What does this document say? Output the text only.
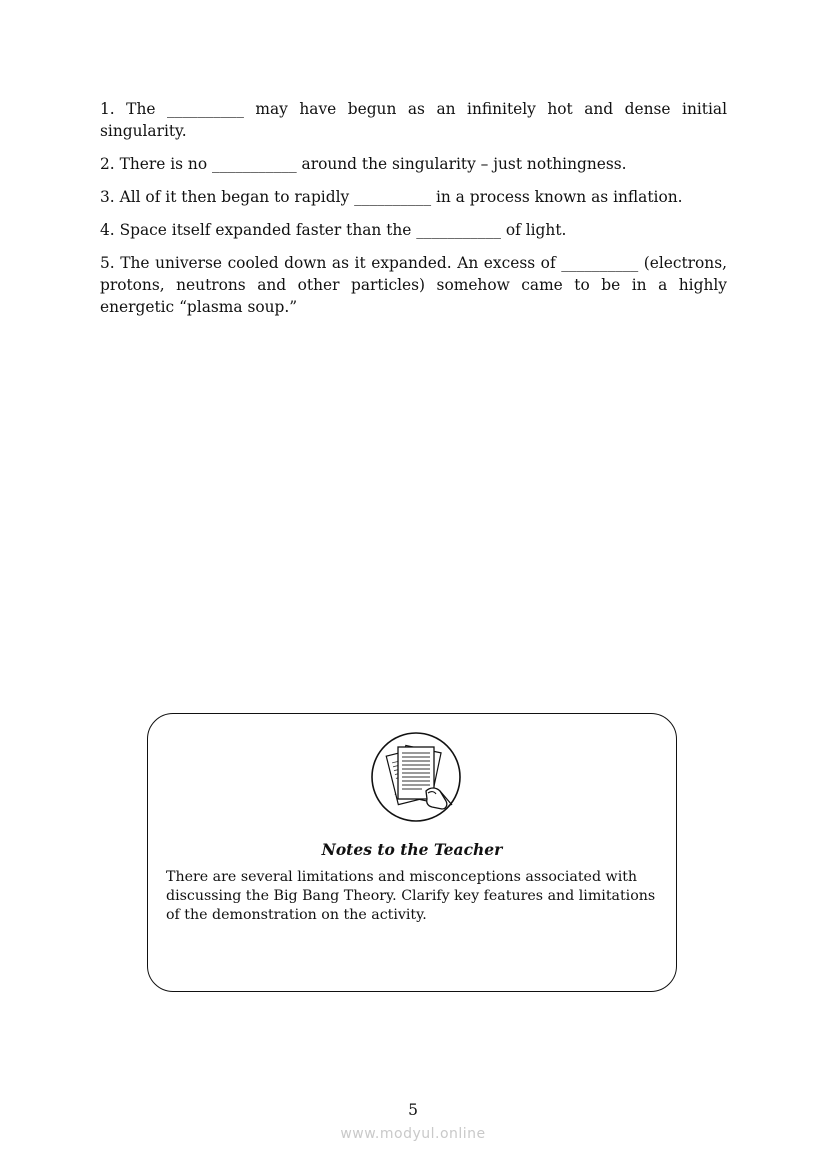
1. The __________ may have begun as an infinitely hot and dense initial singularity.
2. There is no ___________ around the singularity – just nothingness.
3. All of it then began to rapidly __________ in a process known as inflation.
4. Space itself expanded faster than the ___________ of light.
5. The universe cooled down as it expanded. An excess of __________ (electrons, protons, neutrons and other particles) somehow came to be in a highly energetic “plasma soup.”
Notes to the Teacher

There are several limitations and misconceptions associated with discussing the Big Bang Theory. Clarify key features and limitations of the demonstration on the activity.

5
www.modyul.online
